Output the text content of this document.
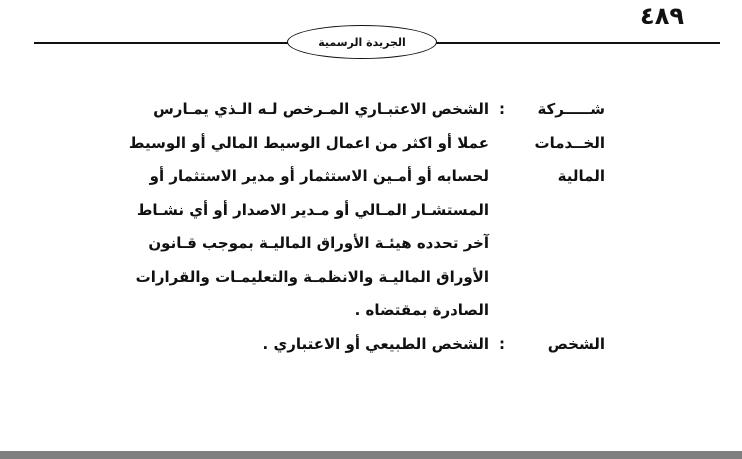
٤٨٩
الجريدة الرسمية
شـــــركة
الخــدمات
المالية
:
الشخص الاعتبـاري المـرخص لـه الـذي يمـارس
عملا أو اكثر من اعمال الوسيط المالي أو الوسيط
لحسابه أو أمـين الاستثمار أو مدير الاستثمار أو
المستشـار المـالي أو مـدير الاصدار أو أي نشـاط
آخر تحدده هيئـة الأوراق الماليـة بموجب قـانون
الأوراق الماليـة والانظمـة والتعليمـات والقرارات
الصادرة بمقتضاه .
الشخص
:
الشخص الطبيعي أو الاعتباري .
